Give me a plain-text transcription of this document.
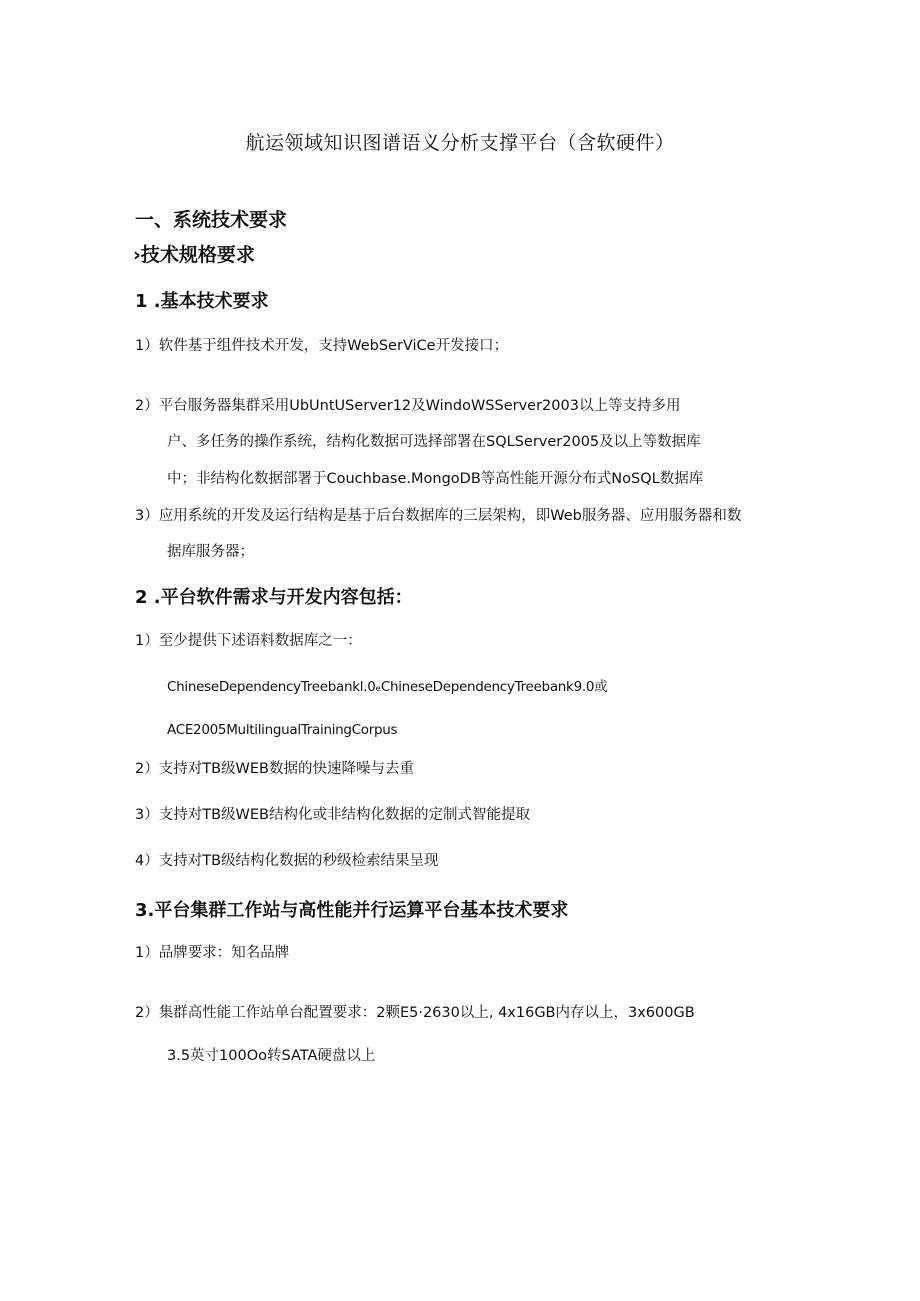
航运领域知识图谱语义分析支撑平台（含软硬件）
一、系统技术要求
›技术规格要求
1 .基本技术要求
1）软件基于组件技术开发，支持WebSerViCe开发接口；
2）平台服务器集群采用UbUntUServer12及WindoWSServer2003以上等支持多用
户、多任务的操作系统，结构化数据可选择部署在SQLServer2005及以上等数据库
中；非结构化数据部署于Couchbase.MongoDB等高性能开源分布式NoSQL数据库
3）应用系统的开发及运行结构是基于后台数据库的三层架构，即Web服务器、应用服务器和数
据库服务器；
2 .平台软件需求与开发内容包括：
1）至少提供下述语料数据库之一：
ChineseDependencyTreebankl.0ₑChineseDependencyTreebank9.0或
ACE2005MultilingualTrainingCorpus
2）支持对TB级WEB数据的快速降噪与去重
3）支持对TB级WEB结构化或非结构化数据的定制式智能提取
4）支持对TB级结构化数据的秒级检索结果呈现
3.平台集群工作站与高性能并行运算平台基本技术要求
1）品牌要求：知名品牌
2）集群高性能工作站单台配置要求：2颗E5·2630以上, 4x16GB内存以上，3x600GB
3.5英寸100Oo转SATA硬盘以上
